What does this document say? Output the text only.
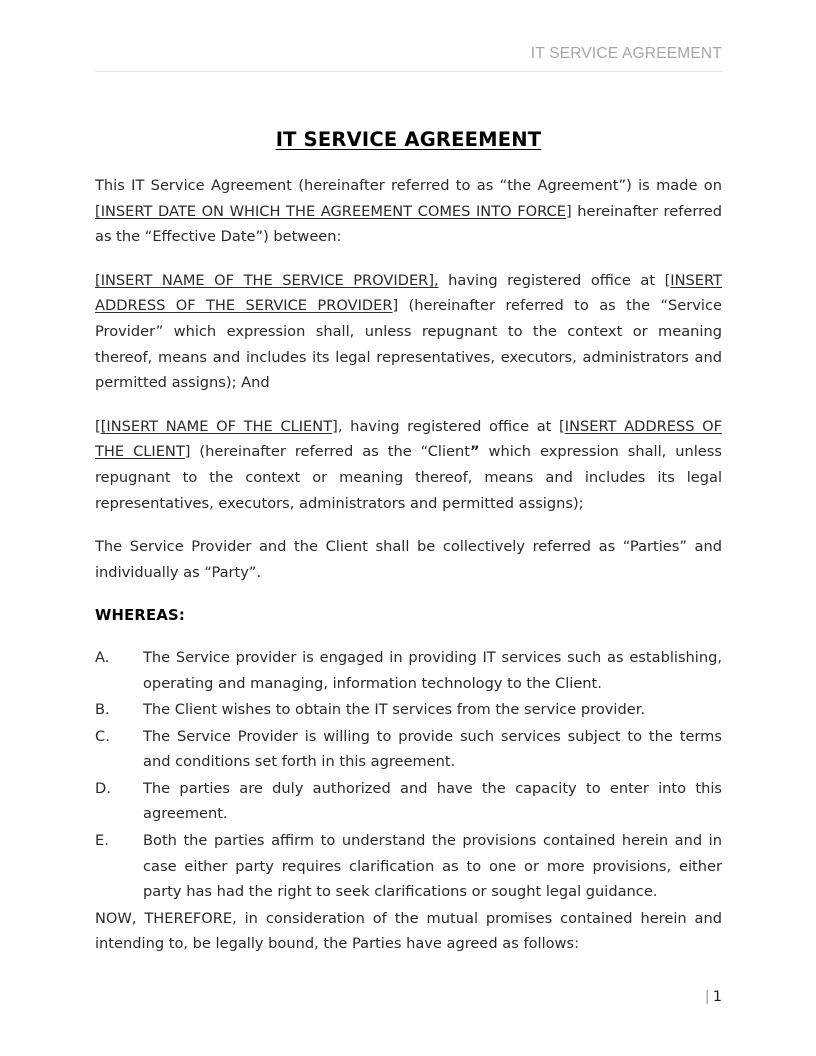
IT SERVICE AGREEMENT
IT SERVICE AGREEMENT

This IT Service Agreement (hereinafter referred to as “the Agreement”) is made on [INSERT DATE ON WHICH THE AGREEMENT COMES INTO FORCE] hereinafter referred as the “Effective Date”) between:

[INSERT NAME OF THE SERVICE PROVIDER], having registered office at [INSERT ADDRESS OF THE SERVICE PROVIDER] (hereinafter referred to as the “Service Provider” which expression shall, unless repugnant to the context or meaning thereof, means and includes its legal representatives, executors, administrators and permitted assigns); And

[[INSERT NAME OF THE CLIENT], having registered office at [INSERT ADDRESS OF THE CLIENT] (hereinafter referred as the “Client” which expression shall, unless repugnant to the context or meaning thereof, means and includes its legal representatives, executors, administrators and permitted assigns);

The Service Provider and the Client shall be collectively referred as “Parties” and individually as “Party”.

WHEREAS:

A.	The Service provider is engaged in providing IT services such as establishing, operating and managing, information technology to the Client.
B.	The Client wishes to obtain the IT services from the service provider.
C.	The Service Provider is willing to provide such services subject to the terms and conditions set forth in this agreement.
D.	The parties are duly authorized and have the capacity to enter into this agreement.
E.	Both the parties affirm to understand the provisions contained herein and in case either party requires clarification as to one or more provisions, either party has had the right to seek clarifications or sought legal guidance.

NOW, THEREFORE, in consideration of the mutual promises contained herein and intending to, be legally bound, the Parties have agreed as follows:

| 1
